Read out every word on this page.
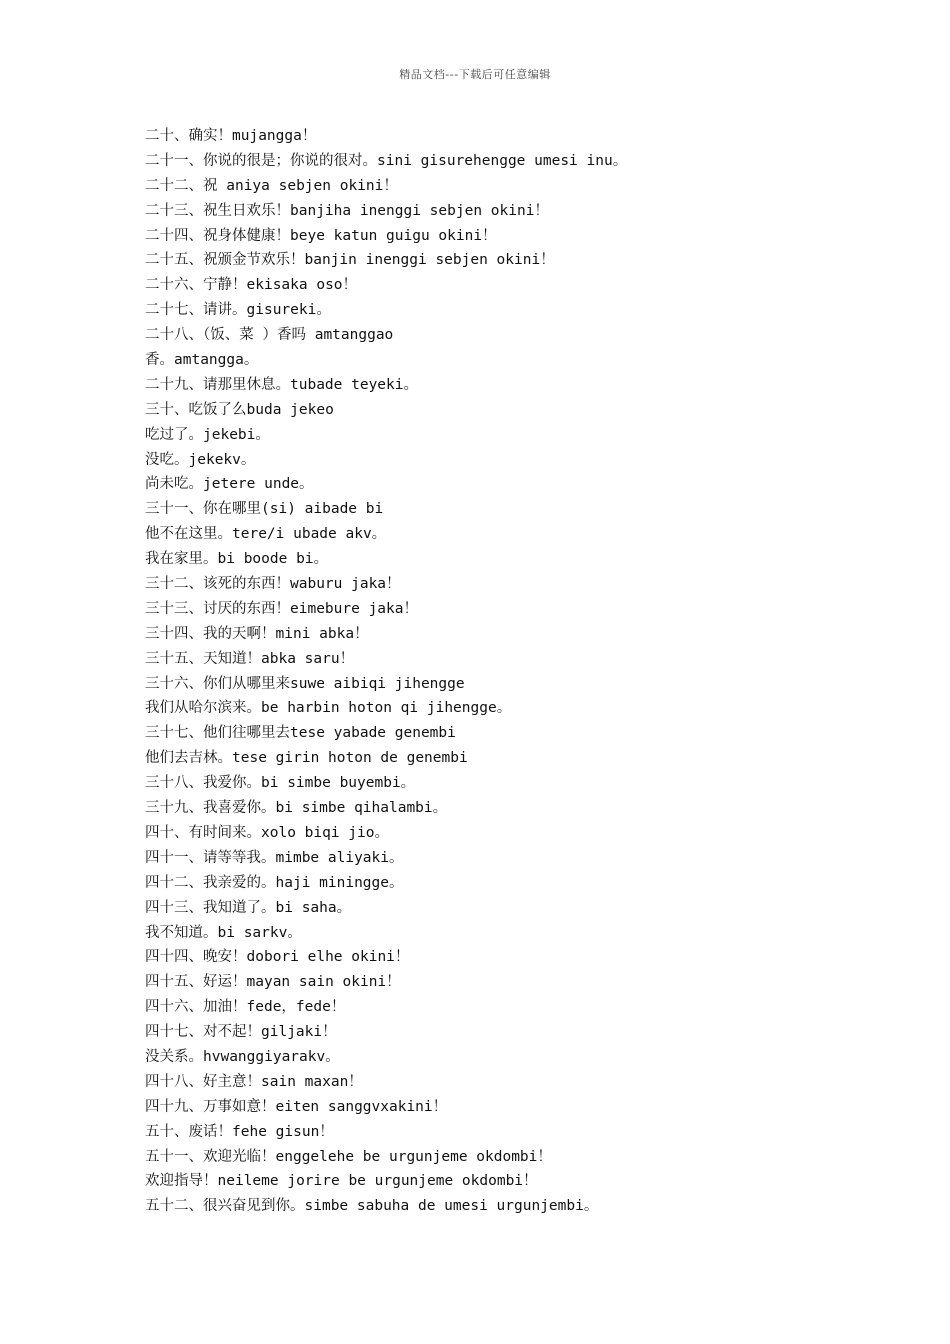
精品文档---下载后可任意编辑
二十、确实！mujangga！
二十一、你说的很是；你说的很对。sini gisurehengge umesi inu。
二十二、祝 aniya sebjen okini！
二十三、祝生日欢乐！banjiha inenggi sebjen okini！
二十四、祝身体健康！beye katun guigu okini！
二十五、祝颁金节欢乐！banjin inenggi sebjen okini！
二十六、宁静！ekisaka oso！
二十七、请讲。gisureki。
二十八、（饭、菜 ）香吗 amtanggao
香。amtangga。
二十九、请那里休息。tubade teyeki。
三十、吃饭了么buda jekeo
吃过了。jekebi。
没吃。jekekv。
尚未吃。jetere unde。
三十一、你在哪里(si) aibade bi
他不在这里。tere/i ubade akv。
我在家里。bi boode bi。
三十二、该死的东西！waburu jaka！
三十三、讨厌的东西！eimebure jaka！
三十四、我的天啊！mini abka！
三十五、天知道！abka saru！
三十六、你们从哪里来suwe aibiqi jihengge
我们从哈尔滨来。be harbin hoton qi jihengge。
三十七、他们往哪里去tese yabade genembi
他们去吉林。tese girin hoton de genembi
三十八、我爱你。bi simbe buyembi。
三十九、我喜爱你。bi simbe qihalambi。
四十、有时间来。xolo biqi jio。
四十一、请等等我。mimbe aliyaki。
四十二、我亲爱的。haji miningge。
四十三、我知道了。bi saha。
我不知道。bi sarkv。
四十四、晚安！dobori elhe okini！
四十五、好运！mayan sain okini！
四十六、加油！fede，fede！
四十七、对不起！giljaki！
没关系。hvwanggiyarakv。
四十八、好主意！sain maxan！
四十九、万事如意！eiten sanggvxakini！
五十、废话！fehe gisun！
五十一、欢迎光临！enggelehe be urgunjeme okdombi！
欢迎指导！neileme jorire be urgunjeme okdombi！
五十二、很兴奋见到你。simbe sabuha de umesi urgunjembi。
